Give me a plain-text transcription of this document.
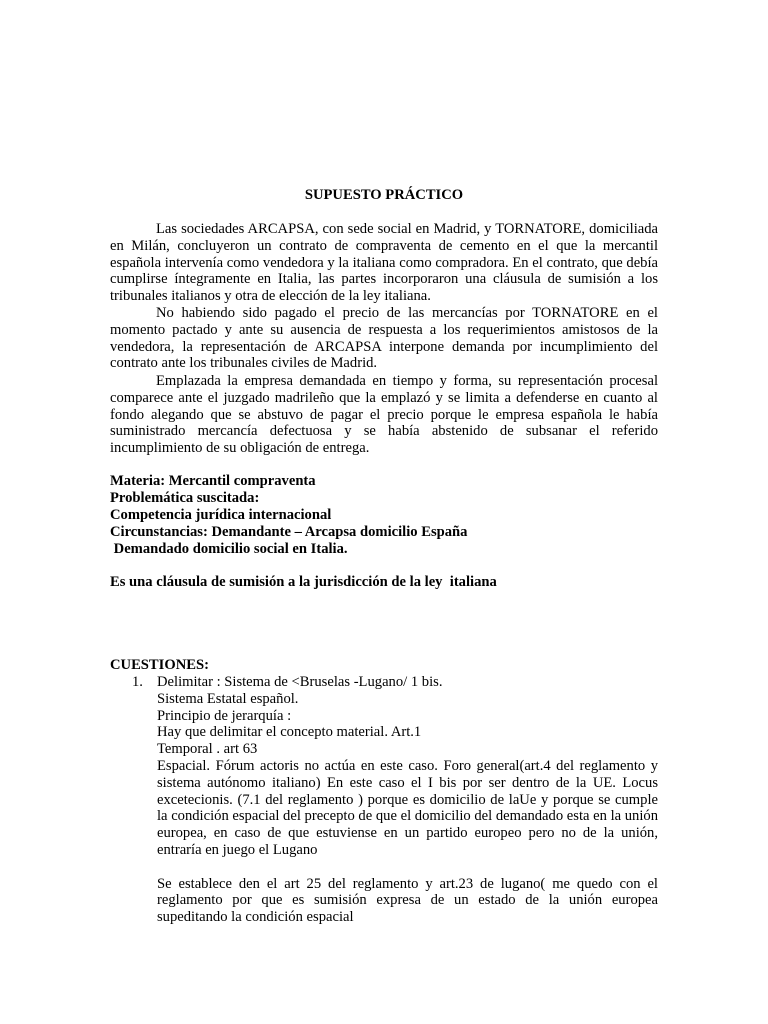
SUPUESTO PRÁCTICO
Las sociedades ARCAPSA, con sede social en Madrid, y TORNATORE, domiciliada en Milán, concluyeron un contrato de compraventa de cemento en el que la mercantil española intervenía como vendedora y la italiana como compradora. En el contrato, que debía cumplirse íntegramente en Italia, las partes incorporaron una cláusula de sumisión a los tribunales italianos y otra de elección de la ley italiana.
No habiendo sido pagado el precio de las mercancías por TORNATORE en el momento pactado y ante su ausencia de respuesta a los requerimientos amistosos de la vendedora, la representación de ARCAPSA interpone demanda por incumplimiento del contrato ante los tribunales civiles de Madrid.
Emplazada la empresa demandada en tiempo y forma, su representación procesal comparece ante el juzgado madrileño que la emplazó y se limita a defenderse en cuanto al fondo alegando que se abstuvo de pagar el precio porque le empresa española le había suministrado mercancía defectuosa y se había abstenido de subsanar el referido incumplimiento de su obligación de entrega.
Materia: Mercantil compraventa
Problemática suscitada:
Competencia jurídica internacional
Circunstancias: Demandante – Arcapsa domicilio España
Demandado domicilio social en Italia.
Es una cláusula de sumisión a la jurisdicción de la ley  italiana
CUESTIONES:
1. Delimitar : Sistema de <Bruselas -Lugano/ 1 bis.
Sistema Estatal español.
Principio de jerarquía :
Hay que delimitar el concepto material. Art.1
Temporal . art 63
Espacial. Fórum actoris no actúa en este caso. Foro general(art.4 del reglamento y sistema autónomo italiano) En este caso el I bis por ser dentro de la UE. Locus excetecionis. (7.1 del reglamento ) porque es domicilio de laUe y porque se cumple la condición espacial del precepto de que el domicilio del demandado esta en la unión europea, en caso de que estuviense en un partido europeo pero no de la unión, entraría en juego el Lugano
Se establece den el art 25 del reglamento y art.23 de lugano( me quedo con el reglamento por que es sumisión expresa de un estado de la unión europea supeditando la condición espacial
